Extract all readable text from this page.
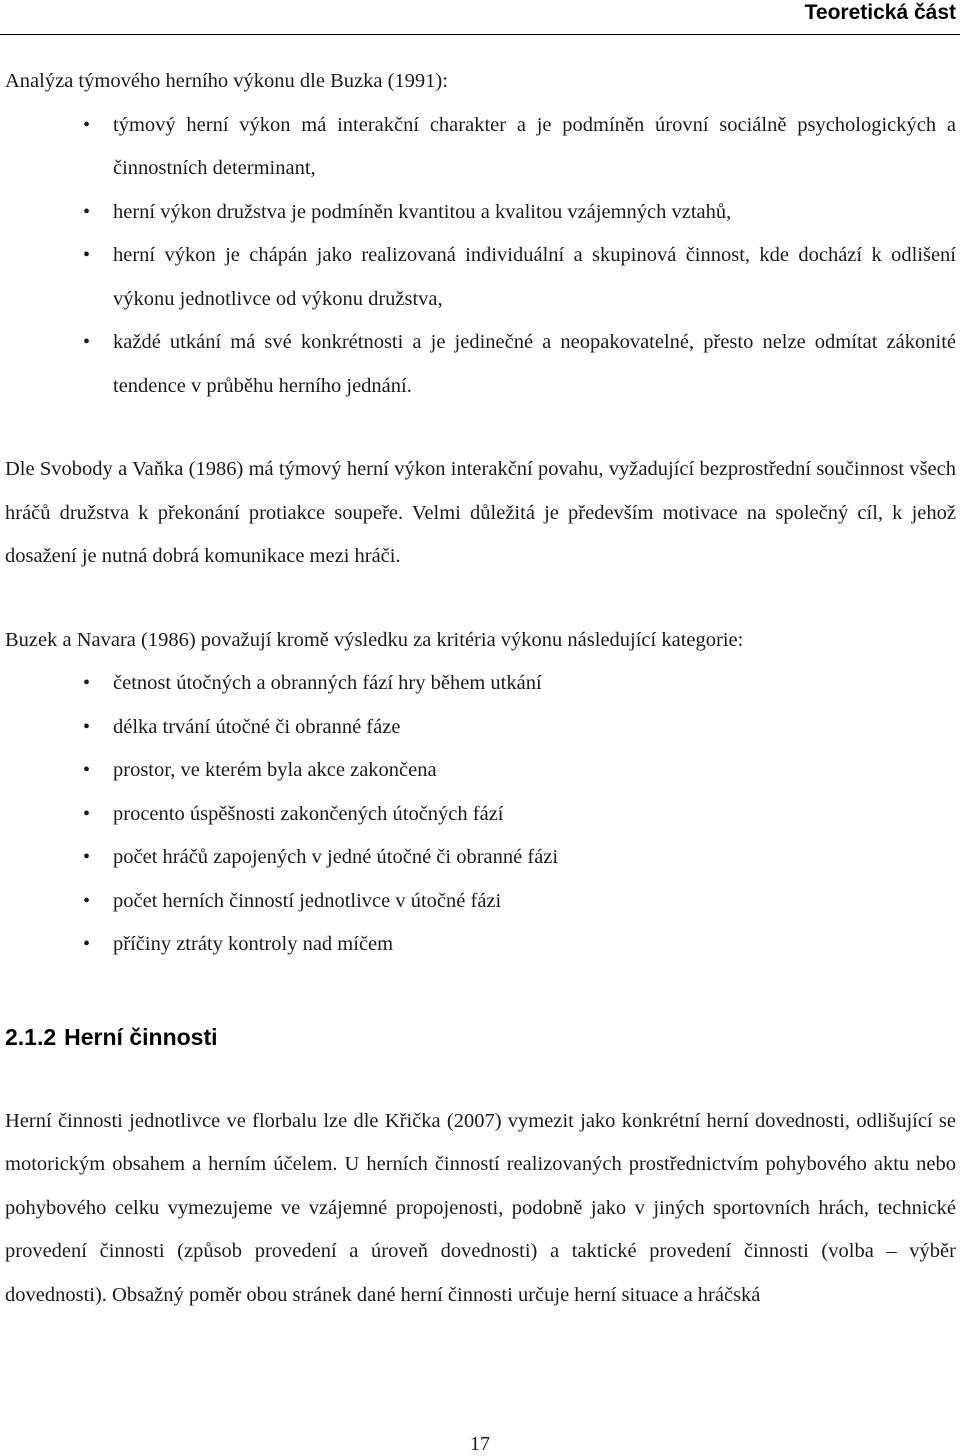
Teoretická část

Analýza týmového herního výkonu dle Buzka (1991):

• týmový herní výkon má interakční charakter a je podmíněn úrovní sociálně psychologických a činnostních determinant,
• herní výkon družstva je podmíněn kvantitou a kvalitou vzájemných vztahů,
• herní výkon je chápán jako realizovaná individuální a skupinová činnost, kde dochází k odlišení výkonu jednotlivce od výkonu družstva,
• každé utkání má své konkrétnosti a je jedinečné a neopakovatelné, přesto nelze odmítat zákonité tendence v průběhu herního jednání.

Dle Svobody a Vaňka (1986) má týmový herní výkon interakční povahu, vyžadující bezprostřední součinnost všech hráčů družstva k překonání protiakce soupeře. Velmi důležitá je především motivace na společný cíl, k jehož dosažení je nutná dobrá komunikace mezi hráči.

Buzek a Navara (1986) považují kromě výsledku za kritéria výkonu následující kategorie:

• četnost útočných a obranných fází hry během utkání
• délka trvání útočné či obranné fáze
• prostor, ve kterém byla akce zakončena
• procento úspěšnosti zakončených útočných fází
• počet hráčů zapojených v jedné útočné či obranné fázi
• počet herních činností jednotlivce v útočné fázi
• příčiny ztráty kontroly nad míčem
2.1.2 Herní činnosti

Herní činnosti jednotlivce ve florbalu lze dle Křička (2007) vymezit jako konkrétní herní dovednosti, odlišující se motorickým obsahem a herním účelem. U herních činností realizovaných prostřednictvím pohybového aktu nebo pohybového celku vymezujeme ve vzájemné propojenosti, podobně jako v jiných sportovních hrách, technické provedení činnosti (způsob provedení a úroveň dovednosti) a taktické provedení činnosti (volba – výběr dovednosti). Obsažný poměr obou stránek dané herní činnosti určuje herní situace a hráčská

17
